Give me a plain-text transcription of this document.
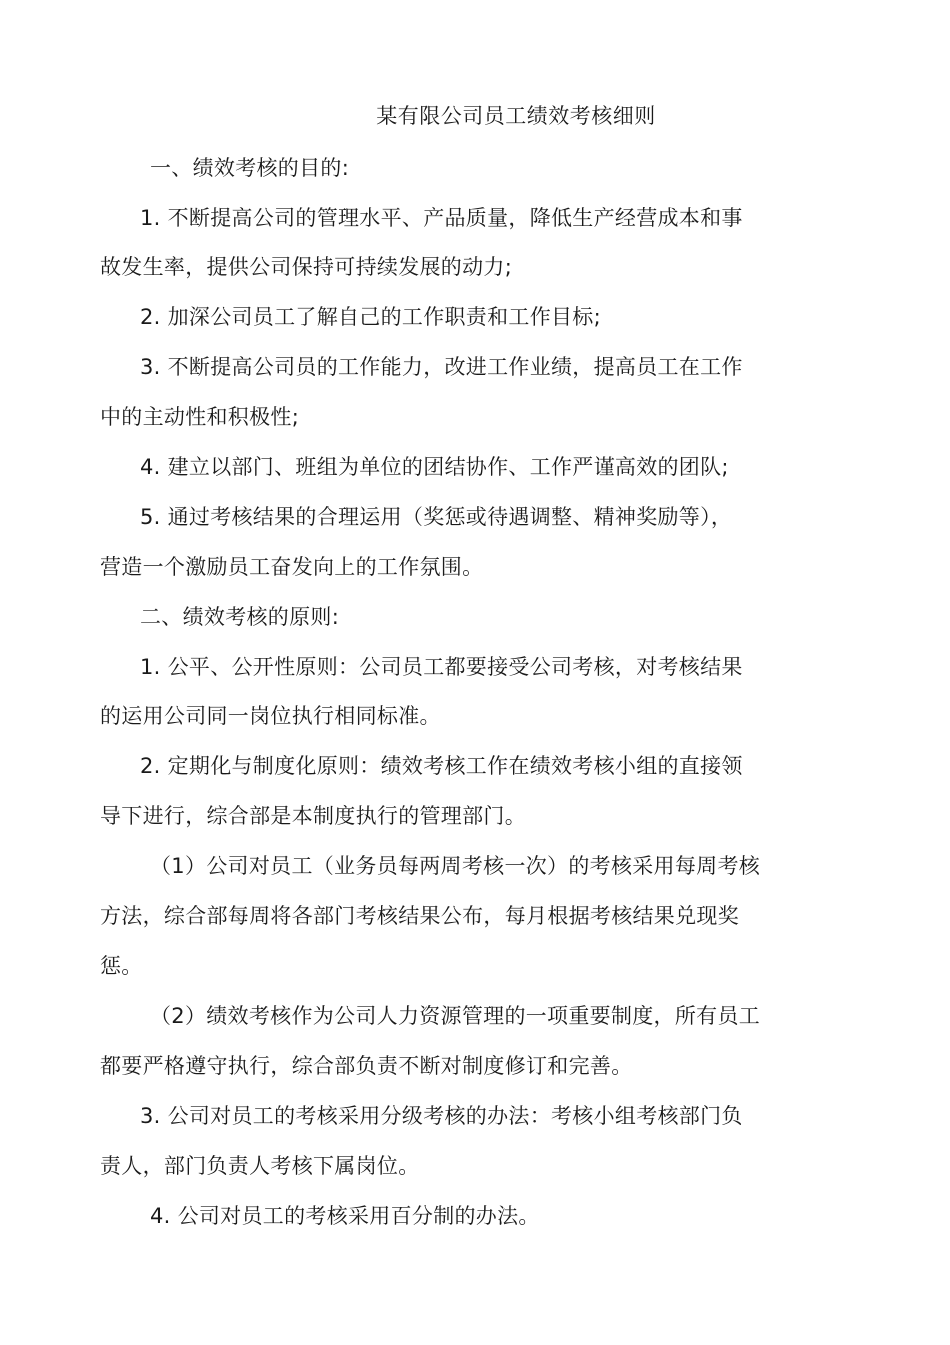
某有限公司员工绩效考核细则
一、绩效考核的目的:
1. 不断提高公司的管理水平、产品质量，降低生产经营成本和事
故发生率，提供公司保持可持续发展的动力;
2. 加深公司员工了解自己的工作职责和工作目标;
3. 不断提高公司员的工作能力，改进工作业绩，提高员工在工作
中的主动性和积极性;
4. 建立以部门、班组为单位的团结协作、工作严谨高效的团队;
5. 通过考核结果的合理运用（奖惩或待遇调整、精神奖励等），
营造一个激励员工奋发向上的工作氛围。
二、绩效考核的原则:
1. 公平、公开性原则：公司员工都要接受公司考核，对考核结果
的运用公司同一岗位执行相同标准。
2. 定期化与制度化原则：绩效考核工作在绩效考核小组的直接领
导下进行，综合部是本制度执行的管理部门。
（1）公司对员工（业务员每两周考核一次）的考核采用每周考核
方法，综合部每周将各部门考核结果公布，每月根据考核结果兑现奖
惩。
（2）绩效考核作为公司人力资源管理的一项重要制度，所有员工
都要严格遵守执行，综合部负责不断对制度修订和完善。
3. 公司对员工的考核采用分级考核的办法：考核小组考核部门负
责人，部门负责人考核下属岗位。
4. 公司对员工的考核采用百分制的办法。
